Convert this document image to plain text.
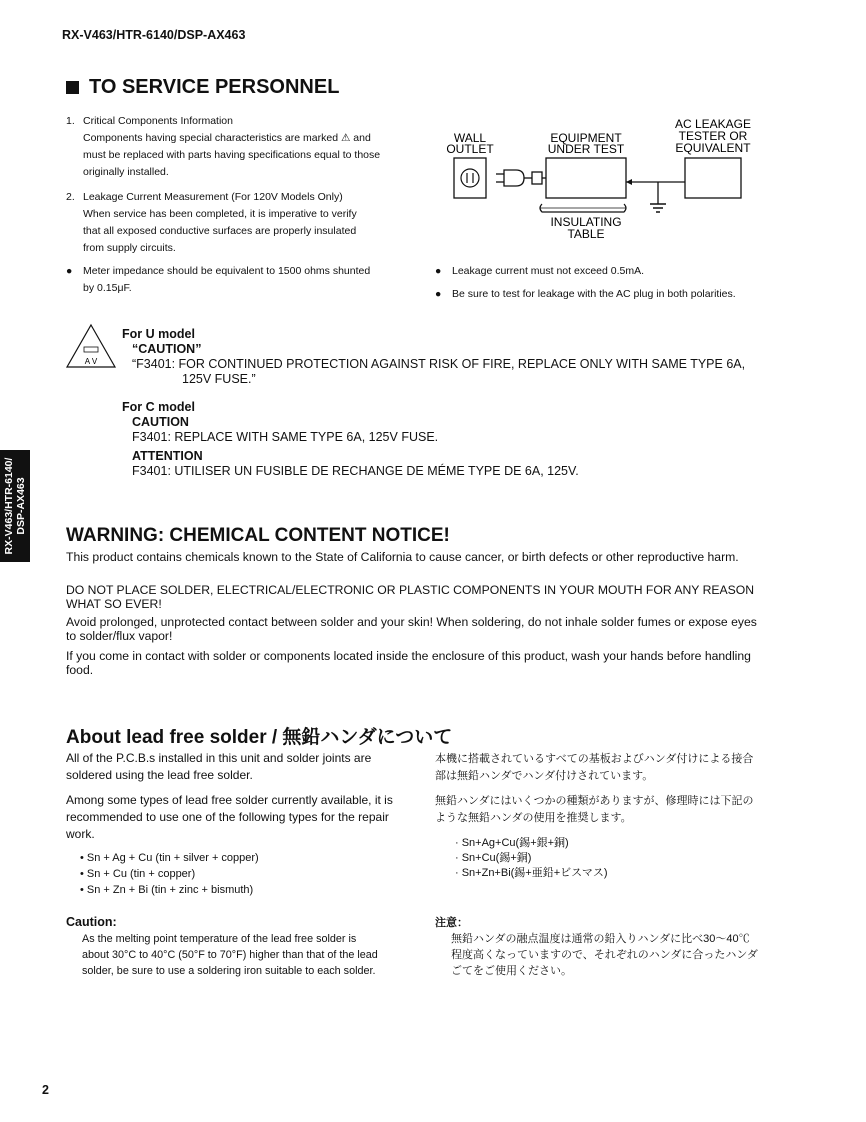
RX-V463/HTR-6140/DSP-AX463
TO SERVICE PERSONNEL
1. Critical Components Information
Components having special characteristics are marked ⚠ and
must be replaced with parts having specifications equal to those
originally installed.
2. Leakage Current Measurement (For 120V Models Only)
When service has been completed, it is imperative to verify
that all exposed conductive surfaces are properly insulated
from supply circuits.
● Meter impedance should be equivalent to 1500 ohms shunted
by 0.15μF.
● Leakage current must not exceed 0.5mA.
● Be sure to test for leakage with the AC plug in both polarities.
WALL
OUTLET
EQUIPMENT
UNDER TEST
AC LEAKAGE
TESTER OR
EQUIVALENT
INSULATING
TABLE
A V
For U model
“CAUTION”
“F3401: FOR CONTINUED PROTECTION AGAINST RISK OF FIRE, REPLACE ONLY WITH SAME TYPE 6A,
125V FUSE.”
For C model
CAUTION
F3401: REPLACE WITH SAME TYPE 6A, 125V FUSE.
ATTENTION
F3401: UTILISER UN FUSIBLE DE RECHANGE DE MÉME TYPE DE 6A, 125V.
RX-V463/HTR-6140/ DSP-AX463
WARNING: CHEMICAL CONTENT NOTICE!
This product contains chemicals known to the State of California to cause cancer, or birth defects or other reproductive harm.
DO NOT PLACE SOLDER, ELECTRICAL/ELECTRONIC OR PLASTIC COMPONENTS IN YOUR MOUTH FOR ANY REASON WHAT SO EVER!
Avoid prolonged, unprotected contact between solder and your skin! When soldering, do not inhale solder fumes or expose eyes to solder/flux vapor!
If you come in contact with solder or components located inside the enclosure of this product, wash your hands before handling food.
About lead free solder / 無鉛ハンダについて
All of the P.C.B.s installed in this unit and solder joints are soldered using the lead free solder.
Among some types of lead free solder currently available, it is recommended to use one of the following types for the repair work.
• Sn + Ag + Cu (tin + silver + copper)
• Sn + Cu (tin + copper)
• Sn + Zn + Bi (tin + zinc + bismuth)
Caution:
As the melting point temperature of the lead free solder is
about 30°C to 40°C (50°F to 70°F) higher than that of the lead
solder, be sure to use a soldering iron suitable to each solder.
本機に搭載されているすべての基板およびハンダ付けによる接合
部は無鉛ハンダでハンダ付けされています。
無鉛ハンダにはいくつかの種類がありますが、修理時には下記の
ような無鉛ハンダの使用を推奨します。
· Sn+Ag+Cu(錫+銀+銅)
· Sn+Cu(錫+銅)
· Sn+Zn+Bi(錫+亜鉛+ビスマス)
注意：
無鉛ハンダの融点温度は通常の鉛入りハンダに比べ30〜40℃
程度高くなっていますので、それぞれのハンダに合ったハンダ
ごてをご使用ください。
2
